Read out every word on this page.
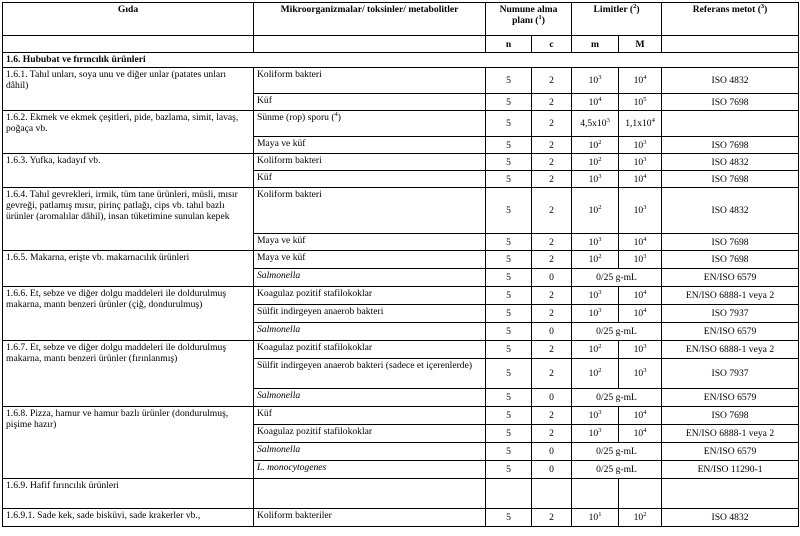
Gıda	Mikroorganizmalar/ toksinler/ metabolitler	Numune alma planı ($^1$)		Limitler ($^2$)		Referans metot ($^3$)
		n	c	m	M	
1.6. Hububat ve fırıncılık ürünleri						
1.6.1. Tahıl unları, soya unu ve diğer unlar (patates unları dâhil)	Koliform bakteri	5	2	$10^3$	$10^4$	ISO 4832
	Küf	5	2	$10^4$	$10^5$	ISO 7698
1.6.2. Ekmek ve ekmek çeşitleri, pide, bazlama, simit, lavaş, poğaça vb.	Sünme (rop) sporu ($^4$)	5	2	$4,5x10^3$	$1,1x10^4$	
	Maya ve küf	5	2	$10^2$	$10^3$	ISO 7698
1.6.3. Yufka, kadayıf vb.	Koliform bakteri	5	2	$10^2$	$10^3$	ISO 4832
	Küf	5	2	$10^3$	$10^4$	ISO 7698
1.6.4. Tahıl gevrekleri, irmik, tüm tane ürünleri, müsli, mısır gevreği, patlamış mısır, pirinç patlağı, cips vb. tahıl bazlı ürünler (aromalılar dâhil), insan tüketimine sunulan kepek	Koliform bakteri	5	2	$10^2$	$10^3$	ISO 4832
	Maya ve küf	5	2	$10^3$	$10^4$	ISO 7698
1.6.5. Makarna, erişte vb. makarnacılık ürünleri	Maya ve küf	5	2	$10^2$	$10^3$	ISO 7698
	Salmonella	5	0	0/25 g-mL		EN/ISO 6579
1.6.6. Et, sebze ve diğer dolgu maddeleri ile doldurulmuş makarna, mantı benzeri ürünler (çiğ, dondurulmuş)	Koagulaz pozitif stafilokoklar	5	2	$10^3$	$10^4$	EN/ISO 6888-1 veya 2
	Sülfit indirgeyen anaerob bakteri	5	2	$10^3$	$10^4$	ISO 7937
	Salmonella	5	0	0/25 g-mL		EN/ISO 6579
1.6.7. Et, sebze ve diğer dolgu maddeleri ile doldurulmuş makarna, mantı benzeri ürünler (fırınlanmış)	Koagulaz pozitif stafilokoklar	5	2	$10^2$	$10^3$	EN/ISO 6888-1 veya 2
	Sülfit indirgeyen anaerob bakteri (sadece et içerenlerde)	5	2	$10^2$	$10^3$	ISO 7937
	Salmonella	5	0	0/25 g-mL		EN/ISO 6579
1.6.8. Pizza, hamur ve hamur bazlı ürünler (dondurulmuş, pişime hazır)	Küf	5	2	$10^3$	$10^4$	ISO 7698
	Koagulaz pozitif stafilokoklar	5	2	$10^3$	$10^4$	EN/ISO 6888-1 veya 2
	Salmonella	5	0	0/25 g-mL		EN/ISO 6579
	L. monocytogenes	5	0	0/25 g-mL		EN/ISO 11290-1
1.6.9. Hafif fırıncılık ürünleri						
1.6.9.1. Sade kek, sade bisküvi, sade krakerler vb.,	Koliform bakteriler	5	2	$10^1$	$10^2$	ISO 4832
